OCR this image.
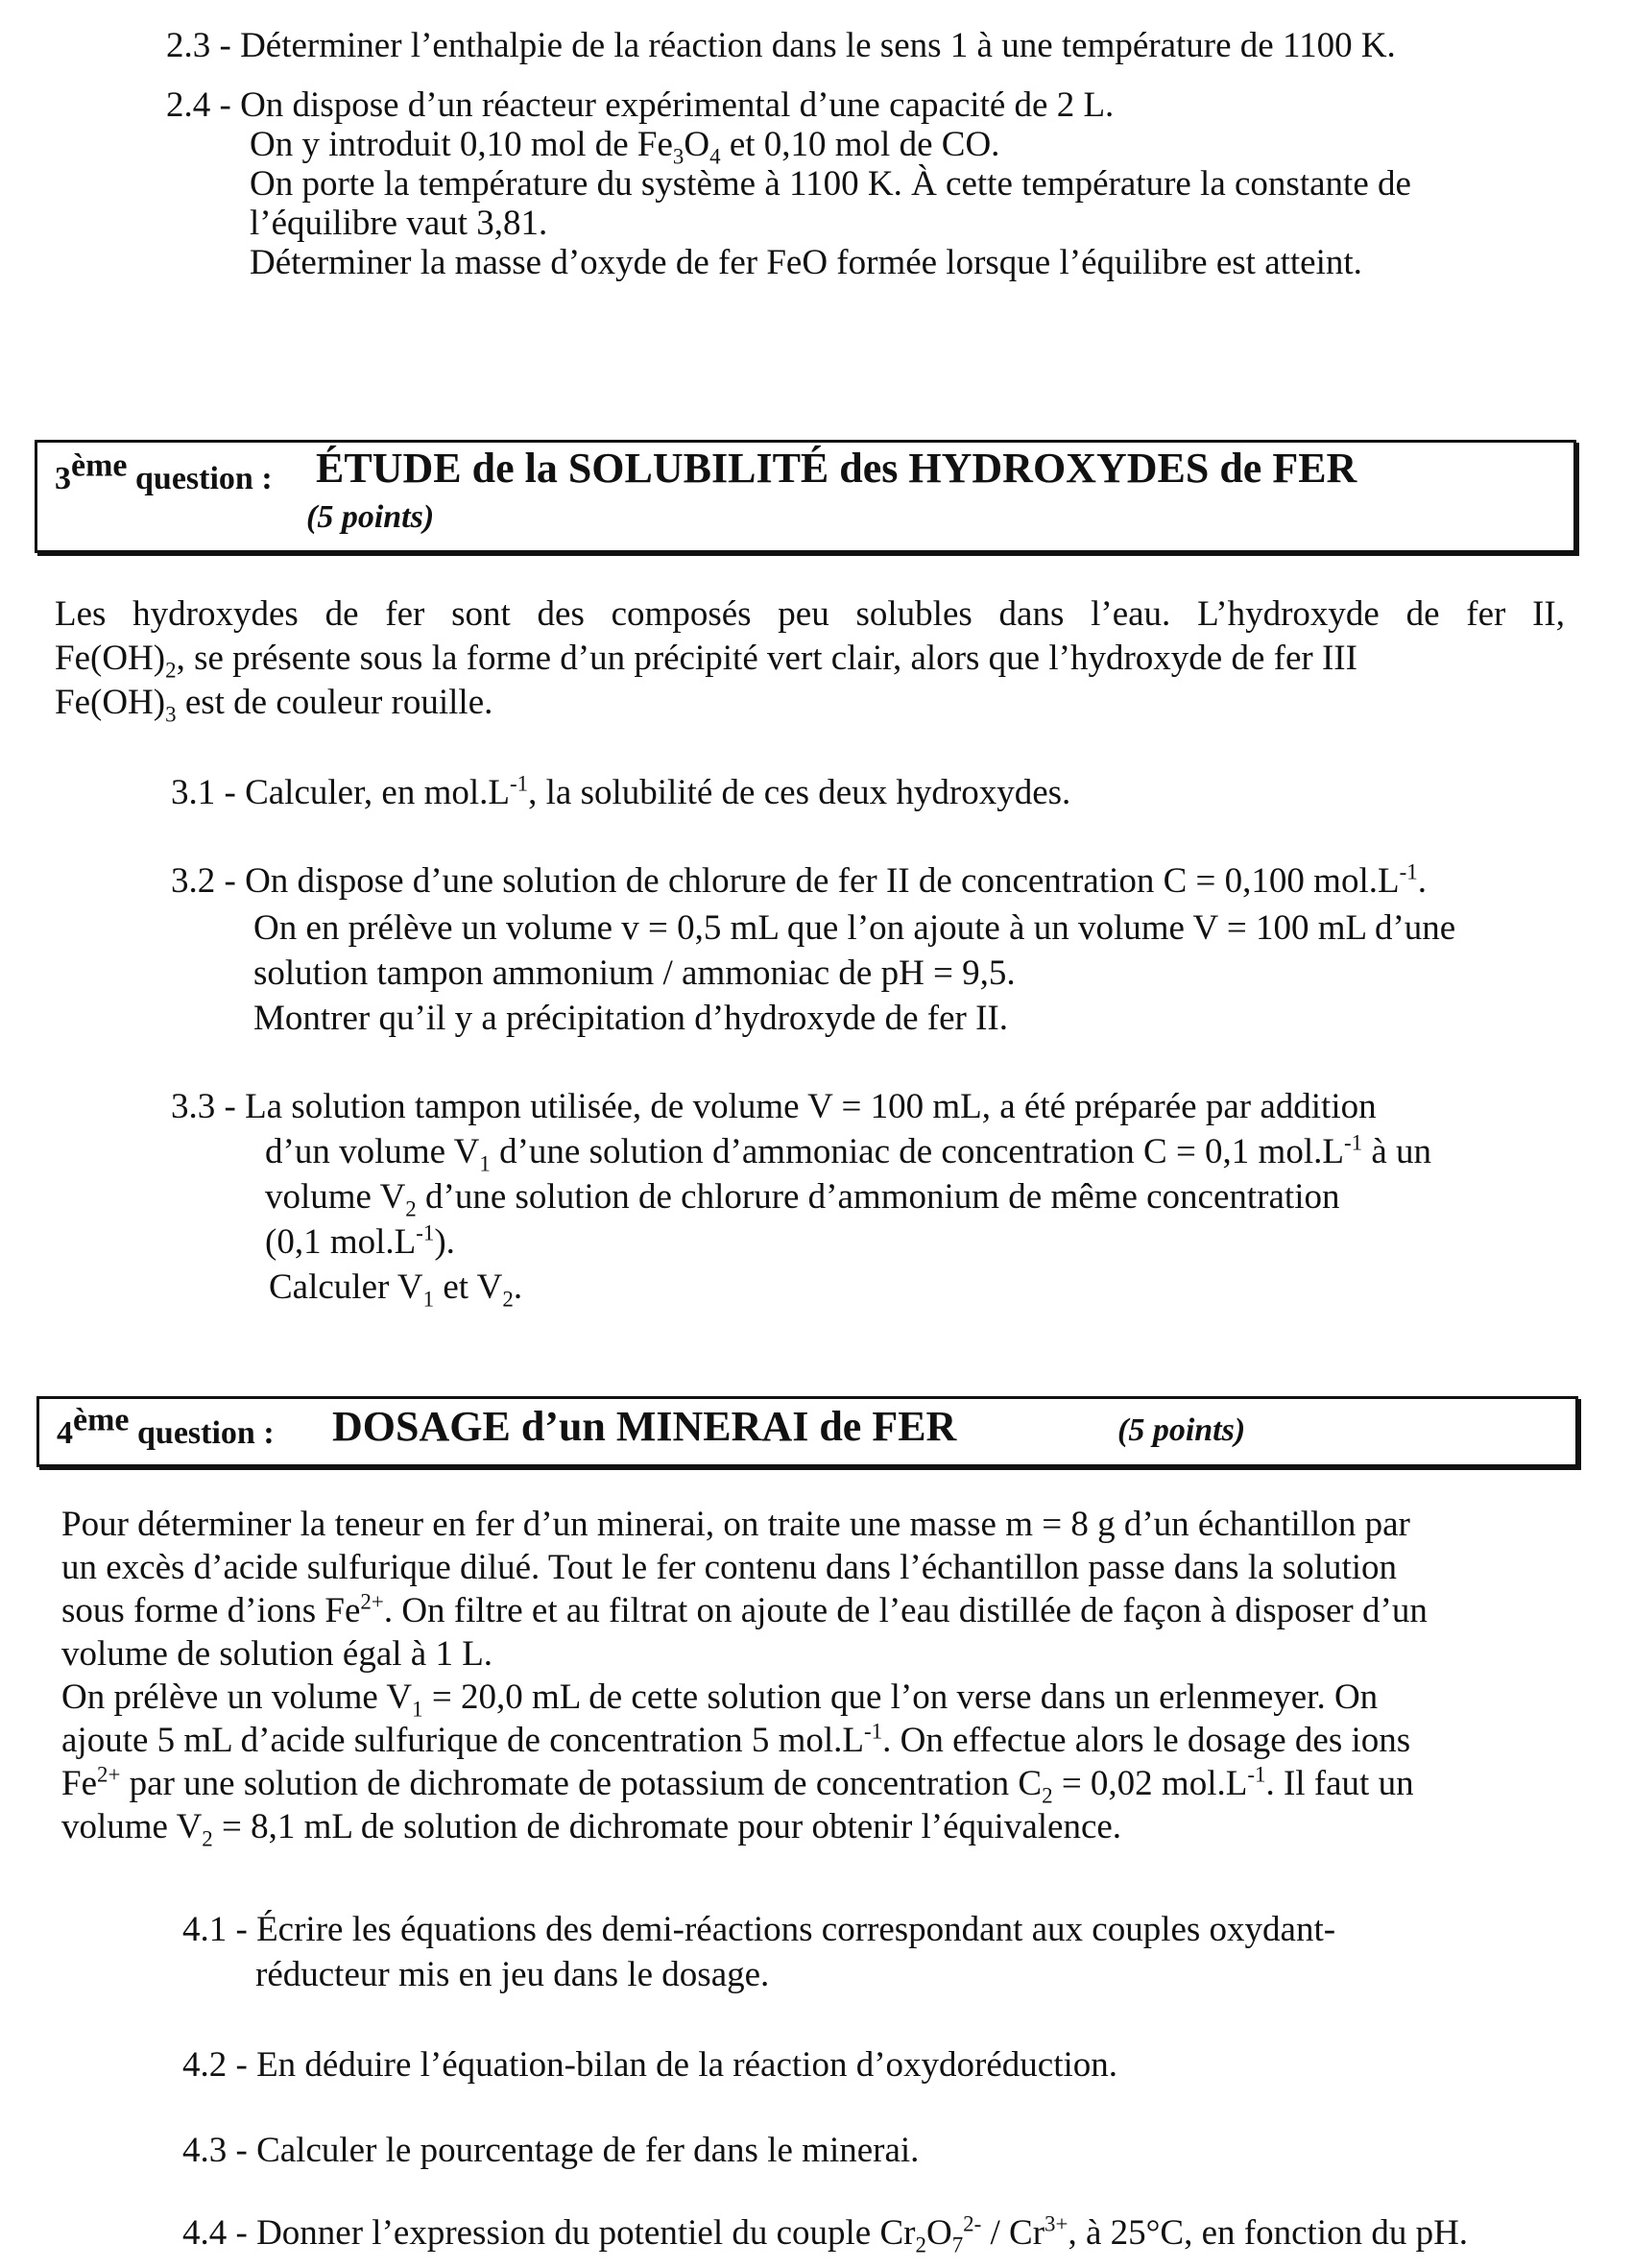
2.3 - Déterminer l’enthalpie de la réaction dans le sens 1 à une température de 1100 K.
2.4 - On dispose d’un réacteur expérimental d’une capacité de 2 L.
On y introduit 0,10 mol de $Fe_3O_4$ et 0,10 mol de CO.
On porte la température du système à 1100 K. À cette température la constante de
l’équilibre vaut 3,81.
Déterminer la masse d’oxyde de fer FeO formée lorsque l’équilibre est atteint.
3ème question : ÉTUDE de la SOLUBILITÉ des HYDROXYDES de FER
(5 points)
Les hydroxydes de fer sont des composés peu solubles dans l’eau. L’hydroxyde de fer II,
$Fe(OH)_2$, se présente sous la forme d’un précipité vert clair, alors que l’hydroxyde de fer III
$Fe(OH)_3$ est de couleur rouille.
3.1 - Calculer, en $mol.L^{-1}$, la solubilité de ces deux hydroxydes.
3.2 - On dispose d’une solution de chlorure de fer II de concentration C = 0,100 $mol.L^{-1}$.
On en prélève un volume v = 0,5 mL que l’on ajoute à un volume V = 100 mL d’une
solution tampon ammonium / ammoniac de pH = 9,5.
Montrer qu’il y a précipitation d’hydroxyde de fer II.
3.3 - La solution tampon utilisée, de volume V = 100 mL, a été préparée par addition
d’un volume $V_1$ d’une solution d’ammoniac de concentration C = 0,1 $mol.L^{-1}$ à un
volume $V_2$ d’une solution de chlorure d’ammonium de même concentration
(0,1 $mol.L^{-1}$).
Calculer $V_1$ et $V_2$.
4ème question : DOSAGE d’un MINERAI de FER	(5 points)
Pour déterminer la teneur en fer d’un minerai, on traite une masse m = 8 g d’un échantillon par
un excès d’acide sulfurique dilué. Tout le fer contenu dans l’échantillon passe dans la solution
sous forme d’ions $Fe^{2+}$. On filtre et au filtrat on ajoute de l’eau distillée de façon à disposer d’un
volume de solution égal à 1 L.
On prélève un volume $V_1 = 20,0$ mL de cette solution que l’on verse dans un erlenmeyer. On
ajoute 5 mL d’acide sulfurique de concentration 5 $mol.L^{-1}$. On effectue alors le dosage des ions
$Fe^{2+}$ par une solution de dichromate de potassium de concentration $C_2 = 0,02$ $mol.L^{-1}$. Il faut un
volume $V_2 = 8,1$ mL de solution de dichromate pour obtenir l’équivalence.
4.1 - Écrire les équations des demi-réactions correspondant aux couples oxydant-
réducteur mis en jeu dans le dosage.
4.2 - En déduire l’équation-bilan de la réaction d’oxydoréduction.
4.3 - Calculer le pourcentage de fer dans le minerai.
4.4 - Donner l’expression du potentiel du couple $Cr_2O_7^{2-} / Cr^{3+}$, à 25°C, en fonction du pH.
